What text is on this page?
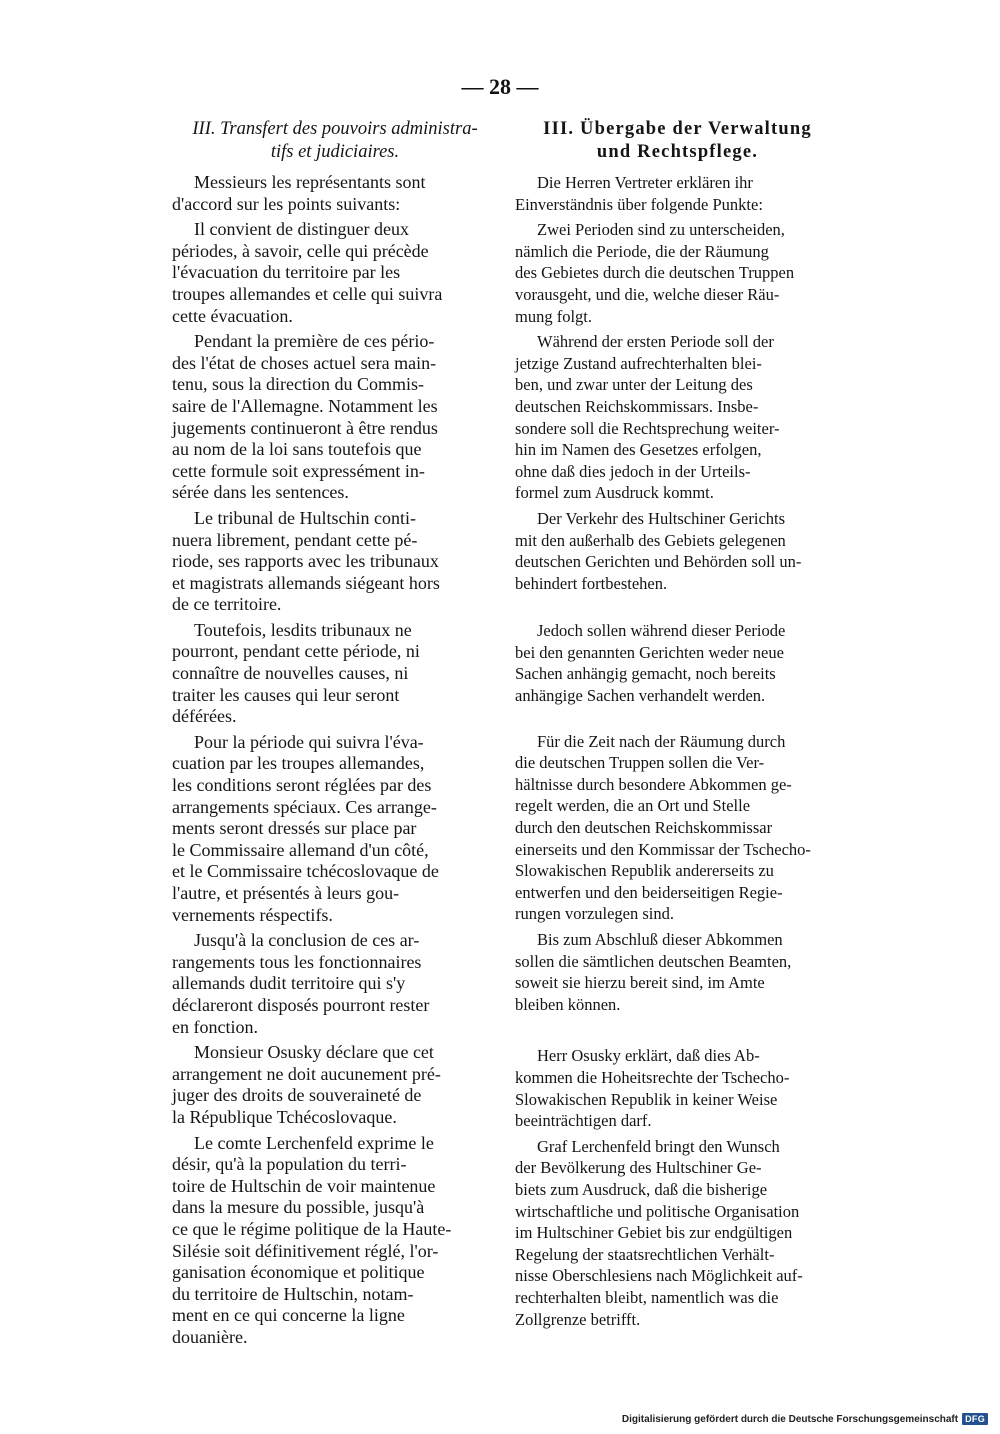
— 28 —
III. Transfert des pouvoirs administra-
tifs et judiciaires.
Messieurs les représentants sont
d'accord sur les points suivants:
Il convient de distinguer deux
périodes, à savoir, celle qui précède
l'évacuation du territoire par les
troupes allemandes et celle qui suivra
cette évacuation.
Pendant la première de ces pério-
des l'état de choses actuel sera main-
tenu, sous la direction du Commis-
saire de l'Allemagne. Notamment les
jugements continueront à être rendus
au nom de la loi sans toutefois que
cette formule soit expressément in-
sérée dans les sentences.
Le tribunal de Hultschin conti-
nuera librement, pendant cette pé-
riode, ses rapports avec les tribunaux
et magistrats allemands siégeant hors
de ce territoire.
Toutefois, lesdits tribunaux ne
pourront, pendant cette période, ni
connaître de nouvelles causes, ni
traiter les causes qui leur seront
déférées.
Pour la période qui suivra l'éva-
cuation par les troupes allemandes,
les conditions seront réglées par des
arrangements spéciaux. Ces arrange-
ments seront dressés sur place par
le Commissaire allemand d'un côté,
et le Commissaire tchécoslovaque de
l'autre, et présentés à leurs gou-
vernements réspectifs.
Jusqu'à la conclusion de ces ar-
rangements tous les fonctionnaires
allemands dudit territoire qui s'y
déclareront disposés pourront rester
en fonction.
Monsieur Osusky déclare que cet
arrangement ne doit aucunement pré-
juger des droits de souveraineté de
la République Tchécoslovaque.
Le comte Lerchenfeld exprime le
désir, qu'à la population du terri-
toire de Hultschin de voir maintenue
dans la mesure du possible, jusqu'à
ce que le régime politique de la Haute-
Silésie soit définitivement réglé, l'or-
ganisation économique et politique
du territoire de Hultschin, notam-
ment en ce qui concerne la ligne
douanière.
III. Übergabe der Verwaltung
und Rechtspflege.
Die Herren Vertreter erklären ihr
Einverständnis über folgende Punkte:
Zwei Perioden sind zu unterscheiden,
nämlich die Periode, die der Räumung
des Gebietes durch die deutschen Truppen
vorausgeht, und die, welche dieser Räu-
mung folgt.
Während der ersten Periode soll der
jetzige Zustand aufrechterhalten blei-
ben, und zwar unter der Leitung des
deutschen Reichskommissars. Insbe-
sondere soll die Rechtsprechung weiter-
hin im Namen des Gesetzes erfolgen,
ohne daß dies jedoch in der Urteils-
formel zum Ausdruck kommt.
Der Verkehr des Hultschiner Gerichts
mit den außerhalb des Gebiets gelegenen
deutschen Gerichten und Behörden soll un-
behindert fortbestehen.
Jedoch sollen während dieser Periode
bei den genannten Gerichten weder neue
Sachen anhängig gemacht, noch bereits
anhängige Sachen verhandelt werden.
Für die Zeit nach der Räumung durch
die deutschen Truppen sollen die Ver-
hältnisse durch besondere Abkommen ge-
regelt werden, die an Ort und Stelle
durch den deutschen Reichskommissar
einerseits und den Kommissar der Tschecho-
Slowakischen Republik andererseits zu
entwerfen und den beiderseitigen Regie-
rungen vorzulegen sind.
Bis zum Abschluß dieser Abkommen
sollen die sämtlichen deutschen Beamten,
soweit sie hierzu bereit sind, im Amte
bleiben können.
Herr Osusky erklärt, daß dies Ab-
kommen die Hoheitsrechte der Tschecho-
Slowakischen Republik in keiner Weise
beeinträchtigen darf.
Graf Lerchenfeld bringt den Wunsch
der Bevölkerung des Hultschiner Ge-
biets zum Ausdruck, daß die bisherige
wirtschaftliche und politische Organisation
im Hultschiner Gebiet bis zur endgültigen
Regelung der staatsrechtlichen Verhält-
nisse Oberschlesiens nach Möglichkeit auf-
rechterhalten bleibt, namentlich was die
Zollgrenze betrifft.
Digitalisierung gefördert durch die Deutsche Forschungsgemeinschaft DFG
